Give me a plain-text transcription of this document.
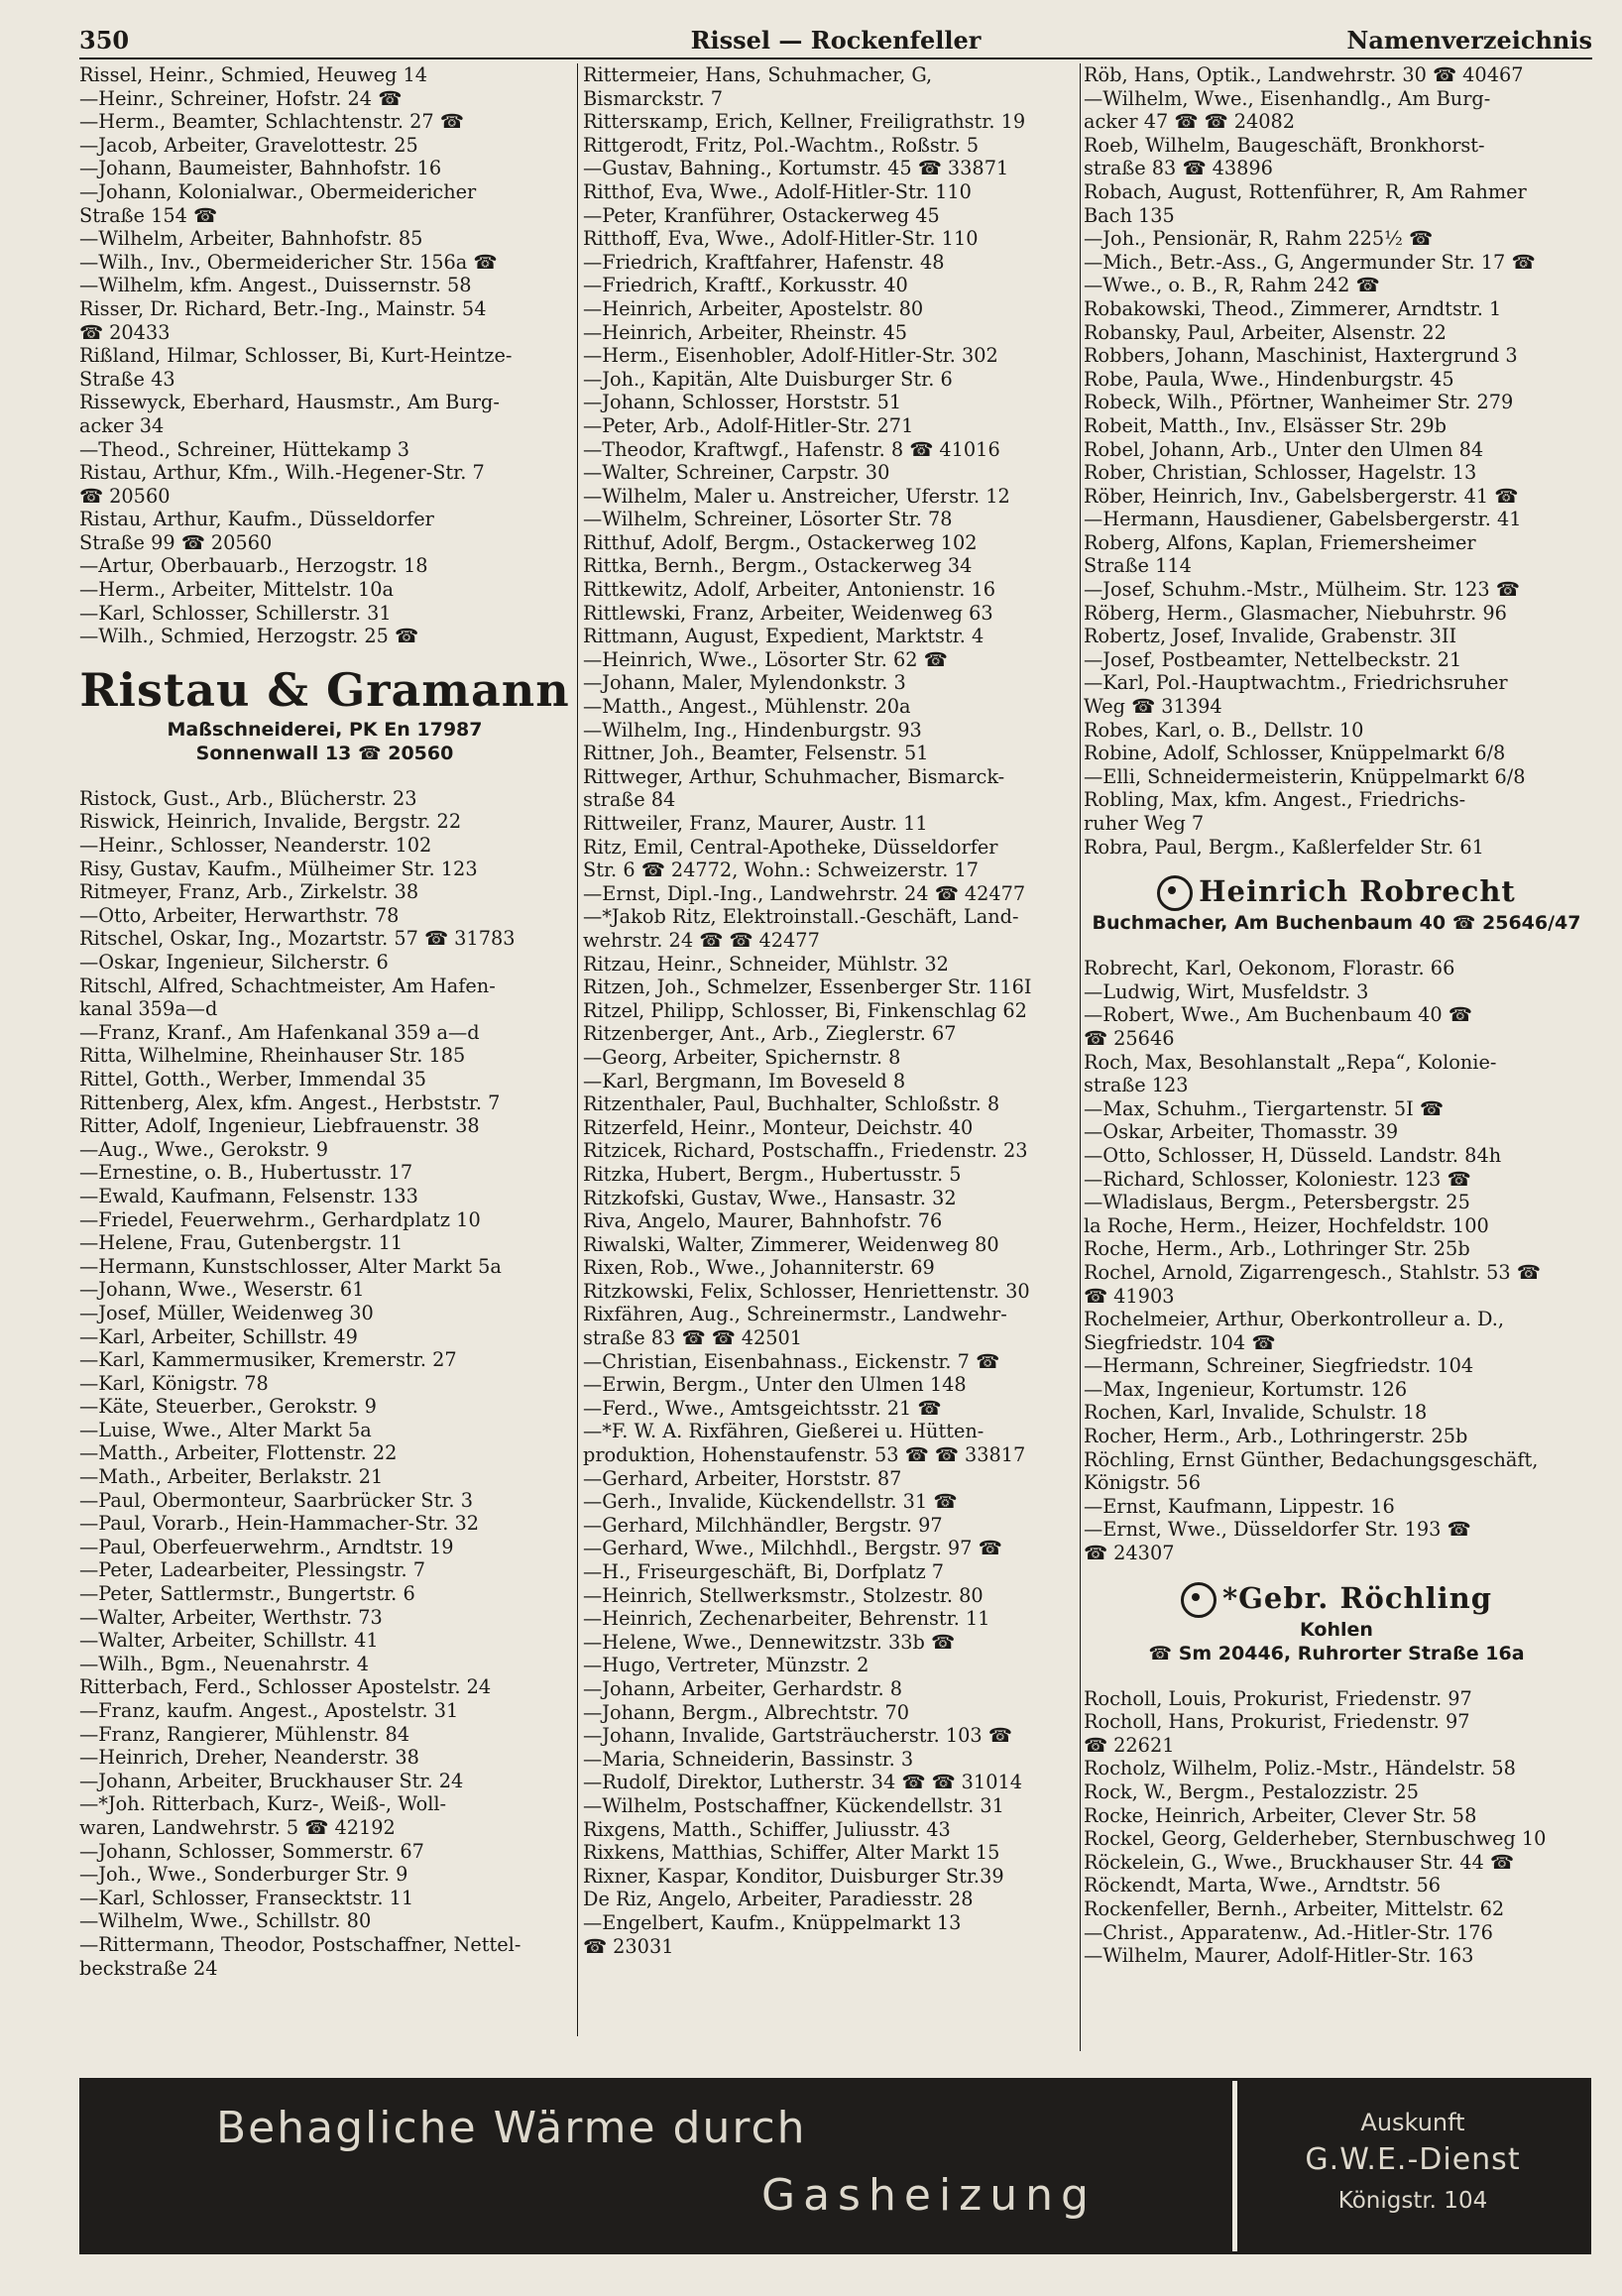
350	Rissel — Rockenfeller	Namenverzeichnis
Rissel, Heinr., Schmied, Heuweg 14
—Heinr., Schreiner, Hofstr. 24 ☎
—Herm., Beamter, Schlachtenstr. 27 ☎
—Jacob, Arbeiter, Gravelottestr. 25
—Johann, Baumeister, Bahnhofstr. 16
—Johann, Kolonialwar., Obermeidericher
Straße 154 ☎
—Wilhelm, Arbeiter, Bahnhofstr. 85
—Wilh., Inv., Obermeidericher Str. 156a ☎
—Wilhelm, kfm. Angest., Duissernstr. 58
Risser, Dr. Richard, Betr.-Ing., Mainstr. 54
☎ 20433
Rißland, Hilmar, Schlosser, Bi, Kurt-Heintze-
Straße 43
Rissewyck, Eberhard, Hausmstr., Am Burg-
acker 34
—Theod., Schreiner, Hüttekamp 3
Ristau, Arthur, Kfm., Wilh.-Hegener-Str. 7
☎ 20560
Ristau, Arthur, Kaufm., Düsseldorfer
Straße 99 ☎ 20560
—Artur, Oberbauarb., Herzogstr. 18
—Herm., Arbeiter, Mittelstr. 10a
—Karl, Schlosser, Schillerstr. 31
—Wilh., Schmied, Herzogstr. 25 ☎
Ristau & Gramann
Maßschneiderei, PK En 17987
Sonnenwall 13 ☎ 20560
Ristock, Gust., Arb., Blücherstr. 23
Riswick, Heinrich, Invalide, Bergstr. 22
—Heinr., Schlosser, Neanderstr. 102
Risy, Gustav, Kaufm., Mülheimer Str. 123
Ritmeyer, Franz, Arb., Zirkelstr. 38
—Otto, Arbeiter, Herwarthstr. 78
Ritschel, Oskar, Ing., Mozartstr. 57 ☎ 31783
—Oskar, Ingenieur, Silcherstr. 6
Ritschl, Alfred, Schachtmeister, Am Hafen-
kanal 359a—d
—Franz, Kranf., Am Hafenkanal 359 a—d
Ritta, Wilhelmine, Rheinhauser Str. 185
Rittel, Gotth., Werber, Immendal 35
Rittenberg, Alex, kfm. Angest., Herbststr. 7
Ritter, Adolf, Ingenieur, Liebfrauenstr. 38
—Aug., Wwe., Gerokstr. 9
—Ernestine, o. B., Hubertusstr. 17
—Ewald, Kaufmann, Felsenstr. 133
—Friedel, Feuerwehrm., Gerhardplatz 10
—Helene, Frau, Gutenbergstr. 11
—Hermann, Kunstschlosser, Alter Markt 5a
—Johann, Wwe., Weserstr. 61
—Josef, Müller, Weidenweg 30
—Karl, Arbeiter, Schillstr. 49
—Karl, Kammermusiker, Kremerstr. 27
—Karl, Königstr. 78
—Käte, Steuerber., Gerokstr. 9
—Luise, Wwe., Alter Markt 5a
—Matth., Arbeiter, Flottenstr. 22
—Math., Arbeiter, Berlakstr. 21
—Paul, Obermonteur, Saarbrücker Str. 3
—Paul, Vorarb., Hein-Hammacher-Str. 32
—Paul, Oberfeuerwehrm., Arndtstr. 19
—Peter, Ladearbeiter, Plessingstr. 7
—Peter, Sattlermstr., Bungertstr. 6
—Walter, Arbeiter, Werthstr. 73
—Walter, Arbeiter, Schillstr. 41
—Wilh., Bgm., Neuenahrstr. 4
Ritterbach, Ferd., Schlosser Apostelstr. 24
—Franz, kaufm. Angest., Apostelstr. 31
—Franz, Rangierer, Mühlenstr. 84
—Heinrich, Dreher, Neanderstr. 38
—Johann, Arbeiter, Bruckhauser Str. 24
—*Joh. Ritterbach, Kurz-, Weiß-, Woll-
waren, Landwehrstr. 5 ☎ 42192
—Johann, Schlosser, Sommerstr. 67
—Joh., Wwe., Sonderburger Str. 9
—Karl, Schlosser, Fransecktstr. 11
—Wilhelm, Wwe., Schillstr. 80
—Rittermann, Theodor, Postschaffner, Nettel-
beckstraße 24
Rittermeier, Hans, Schuhmacher, G,
Bismarckstr. 7
Rittersкamp, Erich, Kellner, Freiligrathstr. 19
Rittgerodt, Fritz, Pol.-Wachtm., Roßstr. 5
—Gustav, Bahning., Kortumstr. 45 ☎ 33871
Ritthof, Eva, Wwe., Adolf-Hitler-Str. 110
—Peter, Kranführer, Ostackerweg 45
Ritthoff, Eva, Wwe., Adolf-Hitler-Str. 110
—Friedrich, Kraftfahrer, Hafenstr. 48
—Friedrich, Kraftf., Korkusstr. 40
—Heinrich, Arbeiter, Apostelstr. 80
—Heinrich, Arbeiter, Rheinstr. 45
—Herm., Eisenhobler, Adolf-Hitler-Str. 302
—Joh., Kapitän, Alte Duisburger Str. 6
—Johann, Schlosser, Horststr. 51
—Peter, Arb., Adolf-Hitler-Str. 271
—Theodor, Kraftwgf., Hafenstr. 8 ☎ 41016
—Walter, Schreiner, Carpstr. 30
—Wilhelm, Maler u. Anstreicher, Uferstr. 12
—Wilhelm, Schreiner, Lösorter Str. 78
Ritthuf, Adolf, Bergm., Ostackerweg 102
Rittka, Bernh., Bergm., Ostackerweg 34
Rittkewitz, Adolf, Arbeiter, Antonienstr. 16
Rittlewski, Franz, Arbeiter, Weidenweg 63
Rittmann, August, Expedient, Marktstr. 4
—Heinrich, Wwe., Lösorter Str. 62 ☎
—Johann, Maler, Mylendonkstr. 3
—Matth., Angest., Mühlenstr. 20a
—Wilhelm, Ing., Hindenburgstr. 93
Rittner, Joh., Beamter, Felsenstr. 51
Rittweger, Arthur, Schuhmacher, Bismarck-
straße 84
Rittweiler, Franz, Maurer, Austr. 11
Ritz, Emil, Central-Apotheke, Düsseldorfer
Str. 6 ☎ 24772, Wohn.: Schweizerstr. 17
—Ernst, Dipl.-Ing., Landwehrstr. 24 ☎ 42477
—*Jakob Ritz, Elektroinstall.-Geschäft, Land-
wehrstr. 24 ☎ ☎ 42477
Ritzau, Heinr., Schneider, Mühlstr. 32
Ritzen, Joh., Schmelzer, Essenberger Str. 116I
Ritzel, Philipp, Schlosser, Bi, Finkenschlag 62
Ritzenberger, Ant., Arb., Zieglerstr. 67
—Georg, Arbeiter, Spichernstr. 8
—Karl, Bergmann, Im Boveseld 8
Ritzenthaler, Paul, Buchhalter, Schloßstr. 8
Ritzerfeld, Heinr., Monteur, Deichstr. 40
Ritzicek, Richard, Postschaffn., Friedenstr. 23
Ritzka, Hubert, Bergm., Hubertusstr. 5
Ritzkofski, Gustav, Wwe., Hansastr. 32
Riva, Angelo, Maurer, Bahnhofstr. 76
Riwalski, Walter, Zimmerer, Weidenweg 80
Rixen, Rob., Wwe., Johanniterstr. 69
Ritzkowski, Felix, Schlosser, Henriettenstr. 30
Rixfähren, Aug., Schreinermstr., Landwehr-
straße 83 ☎ ☎ 42501
—Christian, Eisenbahnass., Eickenstr. 7 ☎
—Erwin, Bergm., Unter den Ulmen 148
—Ferd., Wwe., Amtsgeichtsstr. 21 ☎
—*F. W. A. Rixfähren, Gießerei u. Hütten-
produktion, Hohenstaufenstr. 53 ☎ ☎ 33817
—Gerhard, Arbeiter, Horststr. 87
—Gerh., Invalide, Kückendellstr. 31 ☎
—Gerhard, Milchhändler, Bergstr. 97
—Gerhard, Wwe., Milchhdl., Bergstr. 97 ☎
—H., Friseurgeschäft, Bi, Dorfplatz 7
—Heinrich, Stellwerksmstr., Stolzestr. 80
—Heinrich, Zechenarbeiter, Behrenstr. 11
—Helene, Wwe., Dennewitzstr. 33b ☎
—Hugo, Vertreter, Münzstr. 2
—Johann, Arbeiter, Gerhardstr. 8
—Johann, Bergm., Albrechtstr. 70
—Johann, Invalide, Gartsträucherstr. 103 ☎
—Maria, Schneiderin, Bassinstr. 3
—Rudolf, Direktor, Lutherstr. 34 ☎ ☎ 31014
—Wilhelm, Postschaffner, Kückendellstr. 31
Rixgens, Matth., Schiffer, Juliusstr. 43
Rixkens, Matthias, Schiffer, Alter Markt 15
Rixner, Kaspar, Konditor, Duisburger Str.39
De Riz, Angelo, Arbeiter, Paradiesstr. 28
—Engelbert, Kaufm., Knüppelmarkt 13
☎ 23031
Röb, Hans, Optik., Landwehrstr. 30 ☎ 40467
—Wilhelm, Wwe., Eisenhandlg., Am Burg-
acker 47 ☎ ☎ 24082
Roeb, Wilhelm, Baugeschäft, Bronkhorst-
straße 83 ☎ 43896
Robach, August, Rottenführer, R, Am Rahmer
Bach 135
—Joh., Pensionär, R, Rahm 225½ ☎
—Mich., Betr.-Ass., G, Angermunder Str. 17 ☎
—Wwe., o. B., R, Rahm 242 ☎
Robakowski, Theod., Zimmerer, Arndtstr. 1
Robansky, Paul, Arbeiter, Alsenstr. 22
Robbers, Johann, Maschinist, Haxtergrund 3
Robe, Paula, Wwe., Hindenburgstr. 45
Robeck, Wilh., Pförtner, Wanheimer Str. 279
Robeit, Matth., Inv., Elsässer Str. 29b
Robel, Johann, Arb., Unter den Ulmen 84
Rober, Christian, Schlosser, Hagelstr. 13
Röber, Heinrich, Inv., Gabelsbergerstr. 41 ☎
—Hermann, Hausdiener, Gabelsbergerstr. 41
Roberg, Alfons, Kaplan, Friemersheimer
Straße 114
—Josef, Schuhm.-Mstr., Mülheim. Str. 123 ☎
Röberg, Herm., Glasmacher, Niebuhrstr. 96
Robertz, Josef, Invalide, Grabenstr. 3II
—Josef, Postbeamter, Nettelbeckstr. 21
—Karl, Pol.-Hauptwachtm., Friedrichsruher
Weg ☎ 31394
Robes, Karl, o. B., Dellstr. 10
Robine, Adolf, Schlosser, Knüppelmarkt 6/8
—Elli, Schneidermeisterin, Knüppelmarkt 6/8
Robling, Max, kfm. Angest., Friedrichs-
ruher Weg 7
Robra, Paul, Bergm., Kaßlerfelder Str. 61
Heinrich Robrecht
Buchmacher, Am Buchenbaum 40 ☎ 25646/47
Robrecht, Karl, Oekonom, Florastr. 66
—Ludwig, Wirt, Musfeldstr. 3
—Robert, Wwe., Am Buchenbaum 40 ☎
☎ 25646
Roch, Max, Besohlanstalt „Repa“, Kolonie-
straße 123
—Max, Schuhm., Tiergartenstr. 5I ☎
—Oskar, Arbeiter, Thomasstr. 39
—Otto, Schlosser, H, Düsseld. Landstr. 84h
—Richard, Schlosser, Koloniestr. 123 ☎
—Wladislaus, Bergm., Petersbergstr. 25
la Roche, Herm., Heizer, Hochfeldstr. 100
Roche, Herm., Arb., Lothringer Str. 25b
Rochel, Arnold, Zigarrengesch., Stahlstr. 53 ☎
☎ 41903
Rochelmeier, Arthur, Oberkontrolleur a. D.,
Siegfriedstr. 104 ☎
—Hermann, Schreiner, Siegfriedstr. 104
—Max, Ingenieur, Kortumstr. 126
Rochen, Karl, Invalide, Schulstr. 18
Rocher, Herm., Arb., Lothringerstr. 25b
Röchling, Ernst Günther, Bedachungsgeschäft,
Königstr. 56
—Ernst, Kaufmann, Lippestr. 16
—Ernst, Wwe., Düsseldorfer Str. 193 ☎
☎ 24307
*Gebr. Röchling
Kohlen
☎ Sm 20446, Ruhrorter Straße 16a
Rocholl, Louis, Prokurist, Friedenstr. 97
Rocholl, Hans, Prokurist, Friedenstr. 97
☎ 22621
Rocholz, Wilhelm, Poliz.-Mstr., Händelstr. 58
Rock, W., Bergm., Pestalozzistr. 25
Rocke, Heinrich, Arbeiter, Clever Str. 58
Rockel, Georg, Gelderheber, Sternbuschweg 10
Röckelein, G., Wwe., Bruckhauser Str. 44 ☎
Röckendt, Marta, Wwe., Arndtstr. 56
Rockenfeller, Bernh., Arbeiter, Mittelstr. 62
—Christ., Apparatenw., Ad.-Hitler-Str. 176
—Wilhelm, Maurer, Adolf-Hitler-Str. 163
Behagliche Wärme durch
Gasheizung
Auskunft
G.W.E.-Dienst
Königstr. 104
